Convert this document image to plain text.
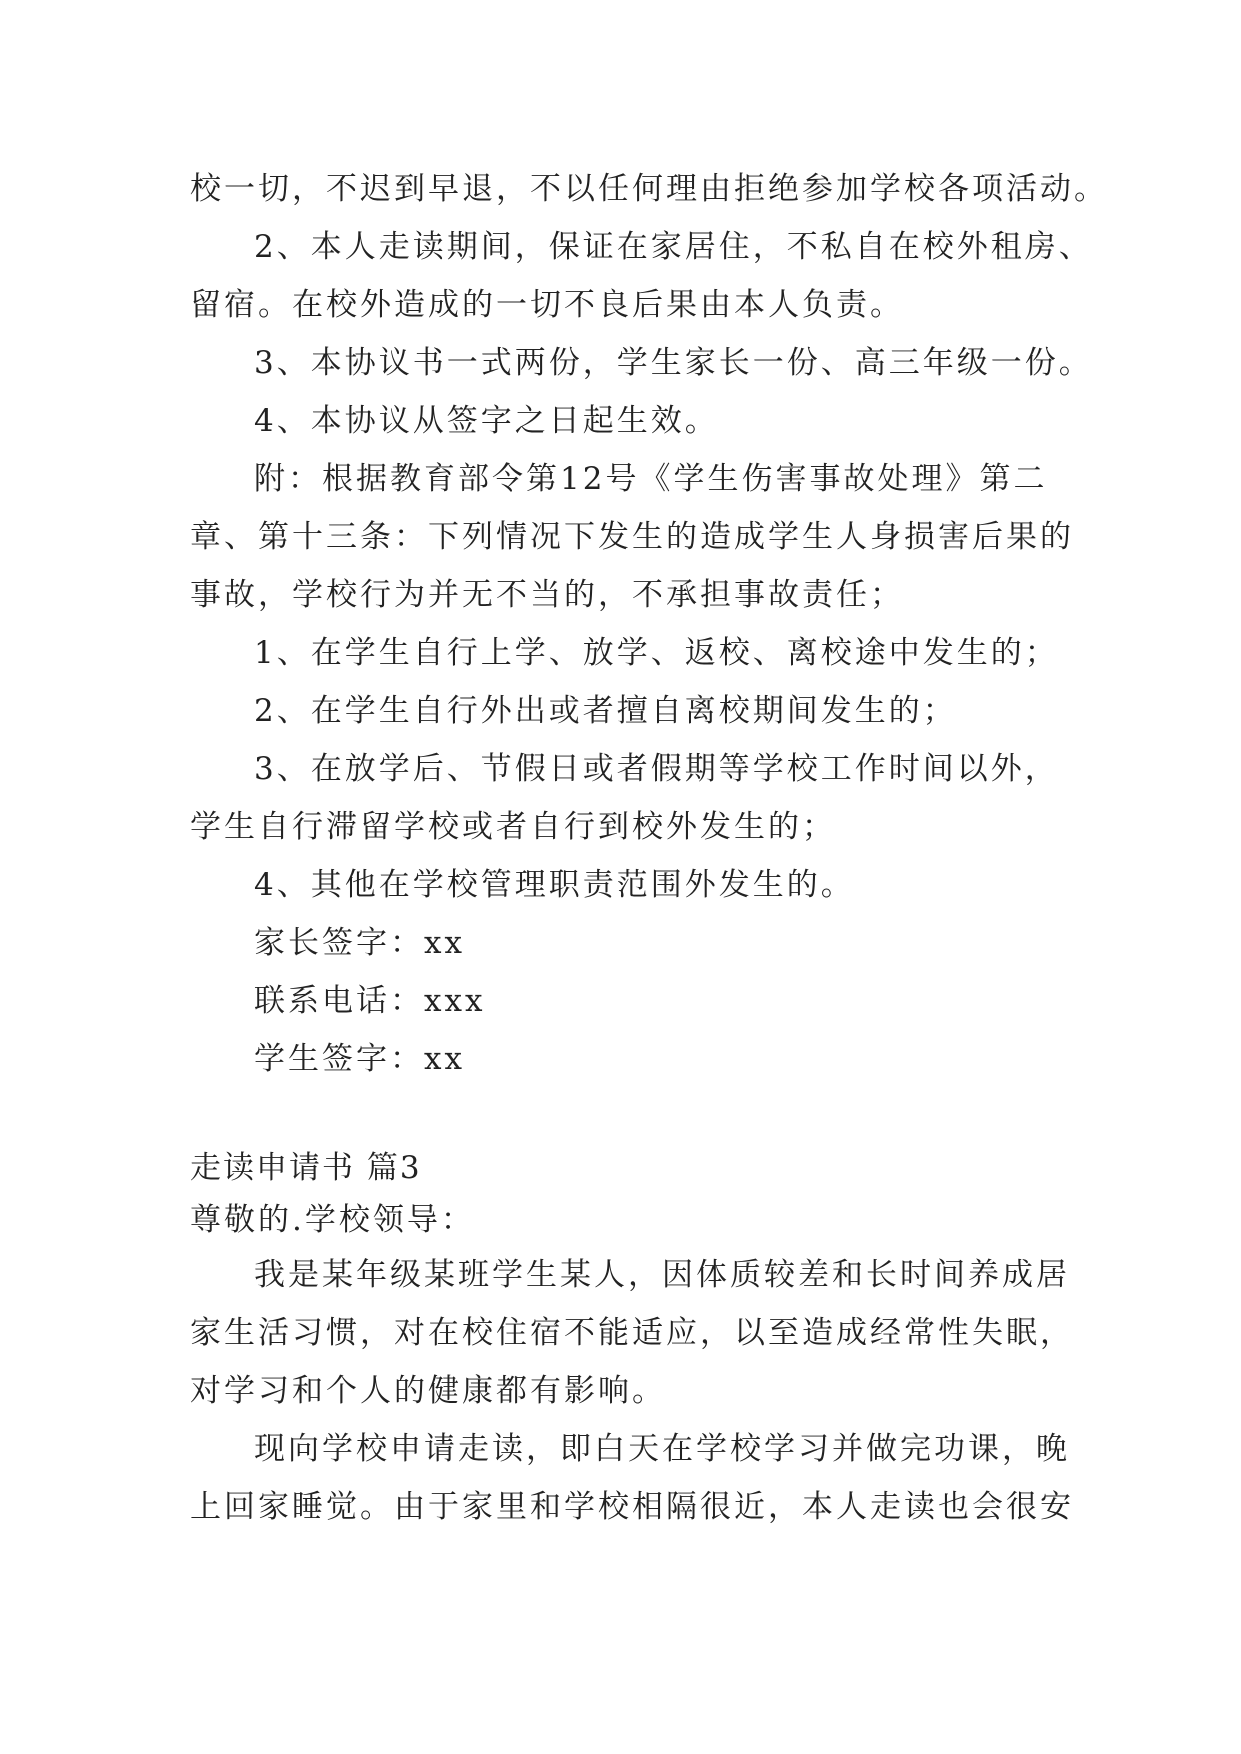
校一切，不迟到早退，不以任何理由拒绝参加学校各项活动。
2、本人走读期间，保证在家居住，不私自在校外租房、
留宿。在校外造成的一切不良后果由本人负责。
3、本协议书一式两份，学生家长一份、高三年级一份。
4、本协议从签字之日起生效。
附：根据教育部令第12号《学生伤害事故处理》第二
章、第十三条：下列情况下发生的造成学生人身损害后果的
事故，学校行为并无不当的，不承担事故责任；
1、在学生自行上学、放学、返校、离校途中发生的；
2、在学生自行外出或者擅自离校期间发生的；
3、在放学后、节假日或者假期等学校工作时间以外，
学生自行滞留学校或者自行到校外发生的；
4、其他在学校管理职责范围外发生的。
家长签字：xx
联系电话：xxx
学生签字：xx
走读申请书 篇3
尊敬的.学校领导：
我是某年级某班学生某人，因体质较差和长时间养成居
家生活习惯，对在校住宿不能适应，以至造成经常性失眠，
对学习和个人的健康都有影响。
现向学校申请走读，即白天在学校学习并做完功课，晚
上回家睡觉。由于家里和学校相隔很近，本人走读也会很安
